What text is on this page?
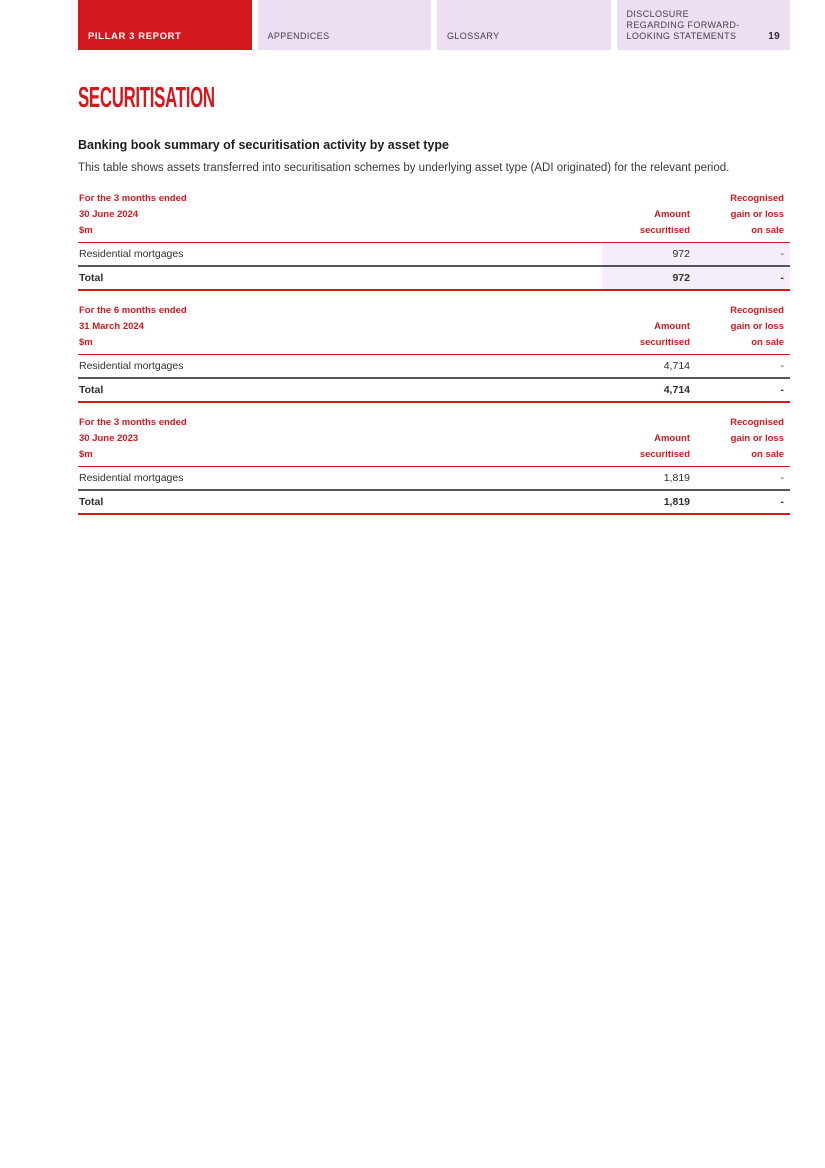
PILLAR 3 REPORT	APPENDICES	GLOSSARY
DISCLOSURE REGARDING FORWARD-LOOKING STATEMENTS	19
SECURITISATION
Banking book summary of securitisation activity by asset type

This table shows assets transferred into securitisation schemes by underlying asset type (ADI originated) for the relevant period.

For the 3 months ended
30 June 2024
$m

Amount
securitised

Recognised
gain or loss
on sale

Residential mortgages	972	-
Total	972	-
For the 6 months ended
31 March 2024
$m

Amount
securitised

Recognised
gain or loss
on sale

Residential mortgages	4,714	-
Total	4,714	-
For the 3 months ended
30 June 2023
$m

Amount
securitised

Recognised
gain or loss
on sale

Residential mortgages	1,819	-
Total	1,819	-
